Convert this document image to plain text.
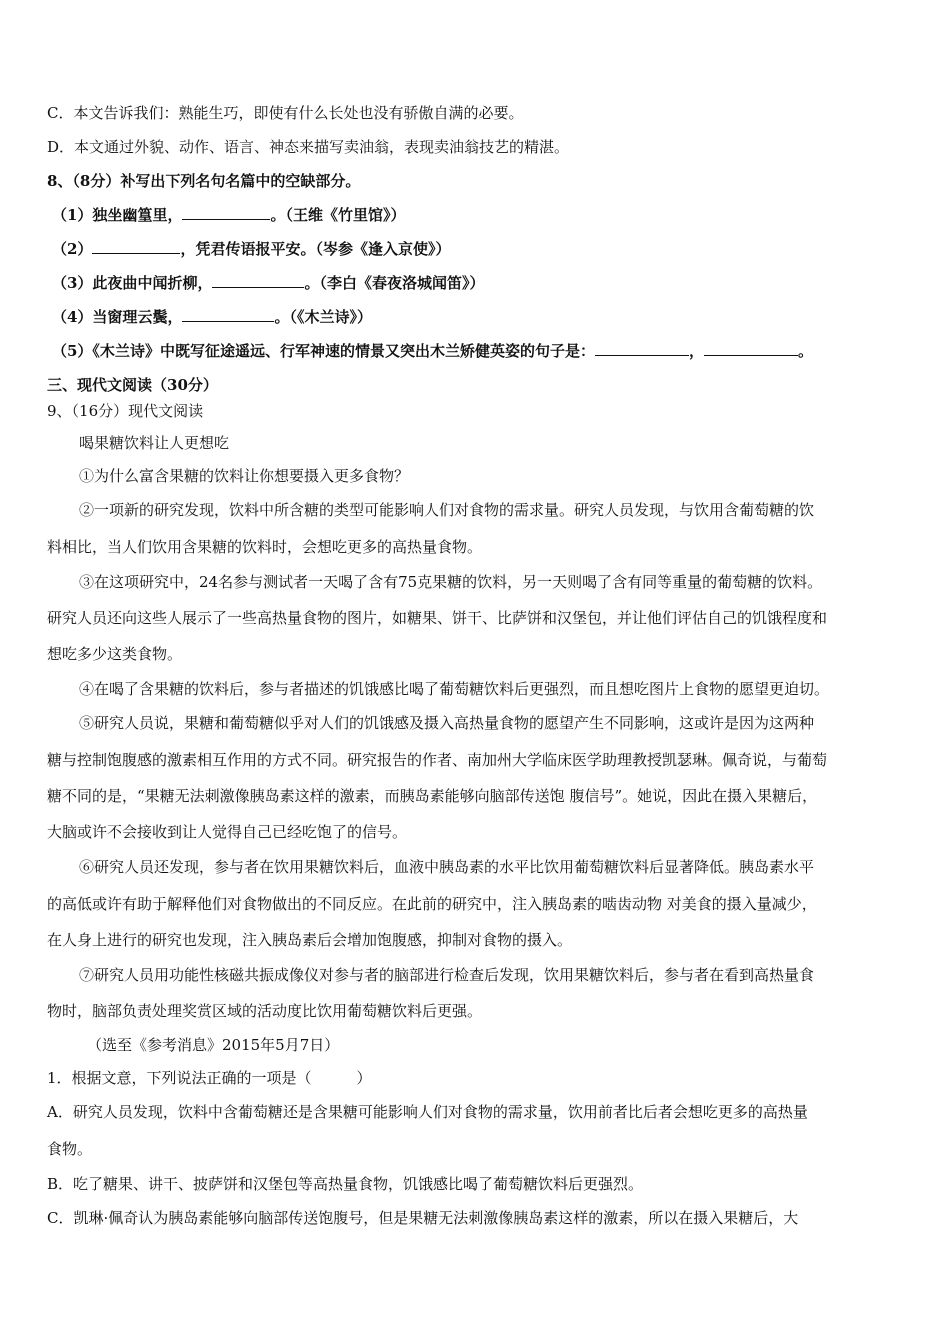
C．本文告诉我们：熟能生巧，即使有什么长处也没有骄傲自满的必要。
D．本文通过外貌、动作、语言、神态来描写卖油翁，表现卖油翁技艺的精湛。
8、（8分）补写出下列名句名篇中的空缺部分。
（1）独坐幽篁里，	。（王维《竹里馆》）
（2）	，凭君传语报平安。（岑参《逢入京使》）
（3）此夜曲中闻折柳，	。（李白《春夜洛城闻笛》）
（4）当窗理云鬓，	。（《木兰诗》）
（5）《木兰诗》中既写征途遥远、行军神速的情景又突出木兰矫健英姿的句子是：	，	。
三、现代文阅读（30分）
9、（16分）现代文阅读
喝果糖饮料让人更想吃
①为什么富含果糖的饮料让你想要摄入更多食物？
②一项新的研究发现，饮料中所含糖的类型可能影响人们对食物的需求量。研究人员发现，与饮用含葡萄糖的饮
料相比，当人们饮用含果糖的饮料时，会想吃更多的高热量食物。
③在这项研究中，24名参与测试者一天喝了含有75克果糖的饮料，另一天则喝了含有同等重量的葡萄糖的饮料。
研究人员还向这些人展示了一些高热量食物的图片，如糖果、饼干、比萨饼和汉堡包，并让他们评估自己的饥饿程度和
想吃多少这类食物。
④在喝了含果糖的饮料后，参与者描述的饥饿感比喝了葡萄糖饮料后更强烈，而且想吃图片上食物的愿望更迫切。
⑤研究人员说，果糖和葡萄糖似乎对人们的饥饿感及摄入高热量食物的愿望产生不同影响，这或许是因为这两种
糖与控制饱腹感的激素相互作用的方式不同。研究报告的作者、南加州大学临床医学助理教授凯瑟琳。佩奇说，与葡萄
糖不同的是，“果糖无法刺激像胰岛素这样的激素，而胰岛素能够向脑部传送饱 腹信号”。她说，因此在摄入果糖后，
大脑或许不会接收到让人觉得自己已经吃饱了的信号。
⑥研究人员还发现，参与者在饮用果糖饮料后，血液中胰岛素的水平比饮用葡萄糖饮料后显著降低。胰岛素水平
的高低或许有助于解释他们对食物做出的不同反应。在此前的研究中，注入胰岛素的啮齿动物 对美食的摄入量减少，
在人身上进行的研究也发现，注入胰岛素后会增加饱腹感，抑制对食物的摄入。
⑦研究人员用功能性核磁共振成像仪对参与者的脑部进行检查后发现，饮用果糖饮料后，参与者在看到高热量食
物时，脑部负责处理奖赏区域的活动度比饮用葡萄糖饮料后更强。
（选至《参考消息》2015年5月7日）
1．根据文意，下列说法正确的一项是（　　　）
A．研究人员发现，饮料中含葡萄糖还是含果糖可能影响人们对食物的需求量，饮用前者比后者会想吃更多的高热量
食物。
B．吃了糖果、讲干、披萨饼和汉堡包等高热量食物，饥饿感比喝了葡萄糖饮料后更强烈。
C．凯琳·佩奇认为胰岛素能够向脑部传送饱腹号，但是果糖无法刺激像胰岛素这样的激素，所以在摄入果糖后，大
